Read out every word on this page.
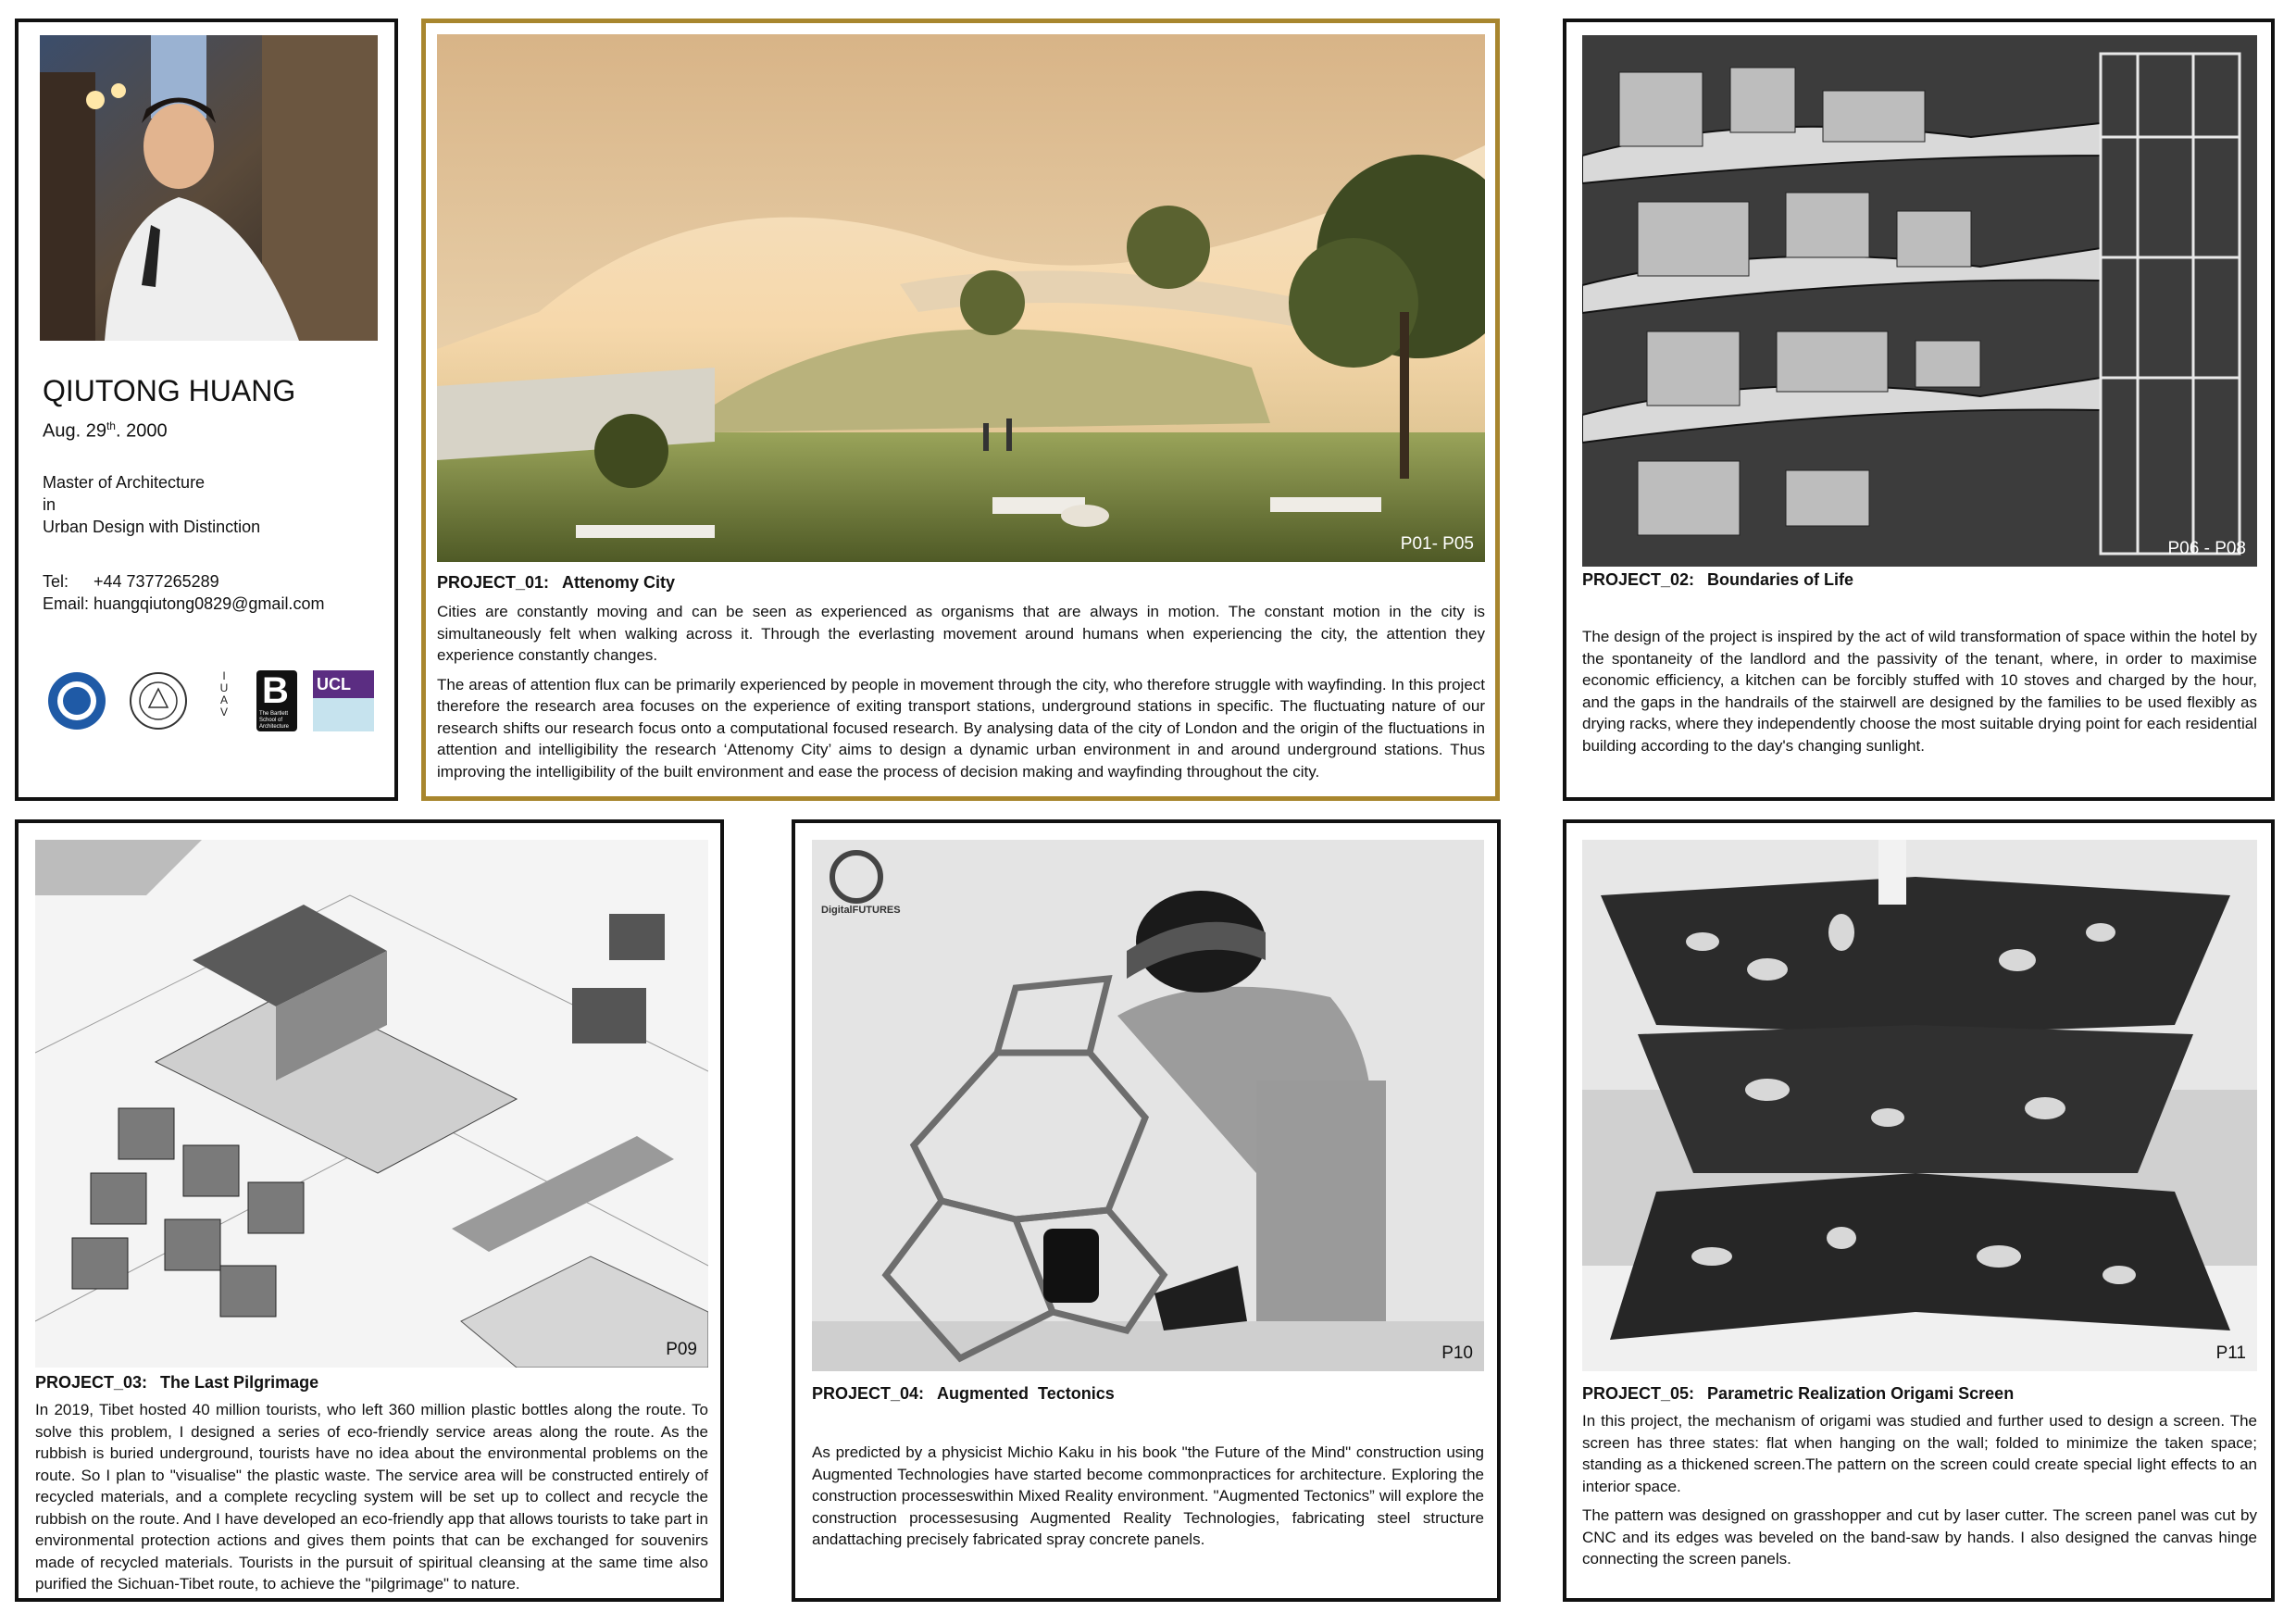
QIUTONG HUANG
Aug. 29th. 2000
Master of Architecture
in
Urban Design with Distinction
Tel: +44 7377265289
Email: huangqiutong0829@gmail.com
I U A V
B
The Bartlett School of Architecture
UCL
P01- P05
PROJECT_01: Attenomy City

Cities are constantly moving and can be seen as experienced as organisms that are always in motion. The constant motion in the city is simultaneously felt when walking across it. Through the everlasting movement around humans when experiencing the city, the attention they experience constantly changes.

The areas of attention flux can be primarily experienced by people in movement through the city, who therefore struggle with wayfinding. In this project therefore the research area focuses on the experience of exiting transport stations, underground stations in specific. The fluctuating nature of our research shifts our research focus onto a computational focused research. By analysing data of the city of London and the origin of the fluctuations in attention and intelligibility the research ‘Attenomy City’ aims to design a dynamic urban environment in and around underground stations. Thus improving the intelligibility of the built environment and ease the process of decision making and wayfinding throughout the city.

P06 - P08
PROJECT_02: Boundaries of Life

The design of the project is inspired by the act of wild transformation of space within the hotel by the spontaneity of the landlord and the passivity of the tenant, where, in order to maximise economic efficiency, a kitchen can be forcibly stuffed with 10 stoves and charged by the hour, and the gaps in the handrails of the stairwell are designed by the families to be used flexibly as drying racks, where they independently choose the most suitable drying point for each residential building according to the day's changing sunlight.

P09
PROJECT_03: The Last Pilgrimage

In 2019, Tibet hosted 40 million tourists, who left 360 million plastic bottles along the route. To solve this problem, I designed a series of eco-friendly service areas along the route. As the rubbish is buried underground, tourists have no idea about the environmental problems on the route. So I plan to "visualise" the plastic waste. The service area will be constructed entirely of recycled materials, and a complete recycling system will be set up to collect and recycle the rubbish on the route. And I have developed an eco-friendly app that allows tourists to take part in environmental protection actions and gives them points that can be exchanged for souvenirs made of recycled materials. Tourists in the pursuit of spiritual cleansing at the same time also purified the Sichuan-Tibet route, to achieve the "pilgrimage" to nature.

DigitalFUTURES
P10
PROJECT_04: Augmented  Tectonics

As predicted by a physicist Michio Kaku in his book "the Future of the Mind" construction using Augmented Technologies have started become commonpractices for architecture. Exploring the construction processeswithin Mixed Reality environment. "Augmented Tectonics” will explore the construction processesusing Augmented Reality Technologies, fabricating steel structure andattaching precisely fabricated spray concrete panels.

P11
PROJECT_05: Parametric Realization Origami Screen

In this project, the mechanism of origami was studied and further used to design a screen. The screen has three states: flat when hanging on the wall; folded to minimize the taken space; standing as a thickened screen.The pattern on the screen could create special light effects to an interior space.

The pattern was designed on grasshopper and cut by laser cutter. The screen panel was cut by CNC and its edges was beveled on the band-saw by hands. I also designed the canvas hinge connecting the screen panels.
